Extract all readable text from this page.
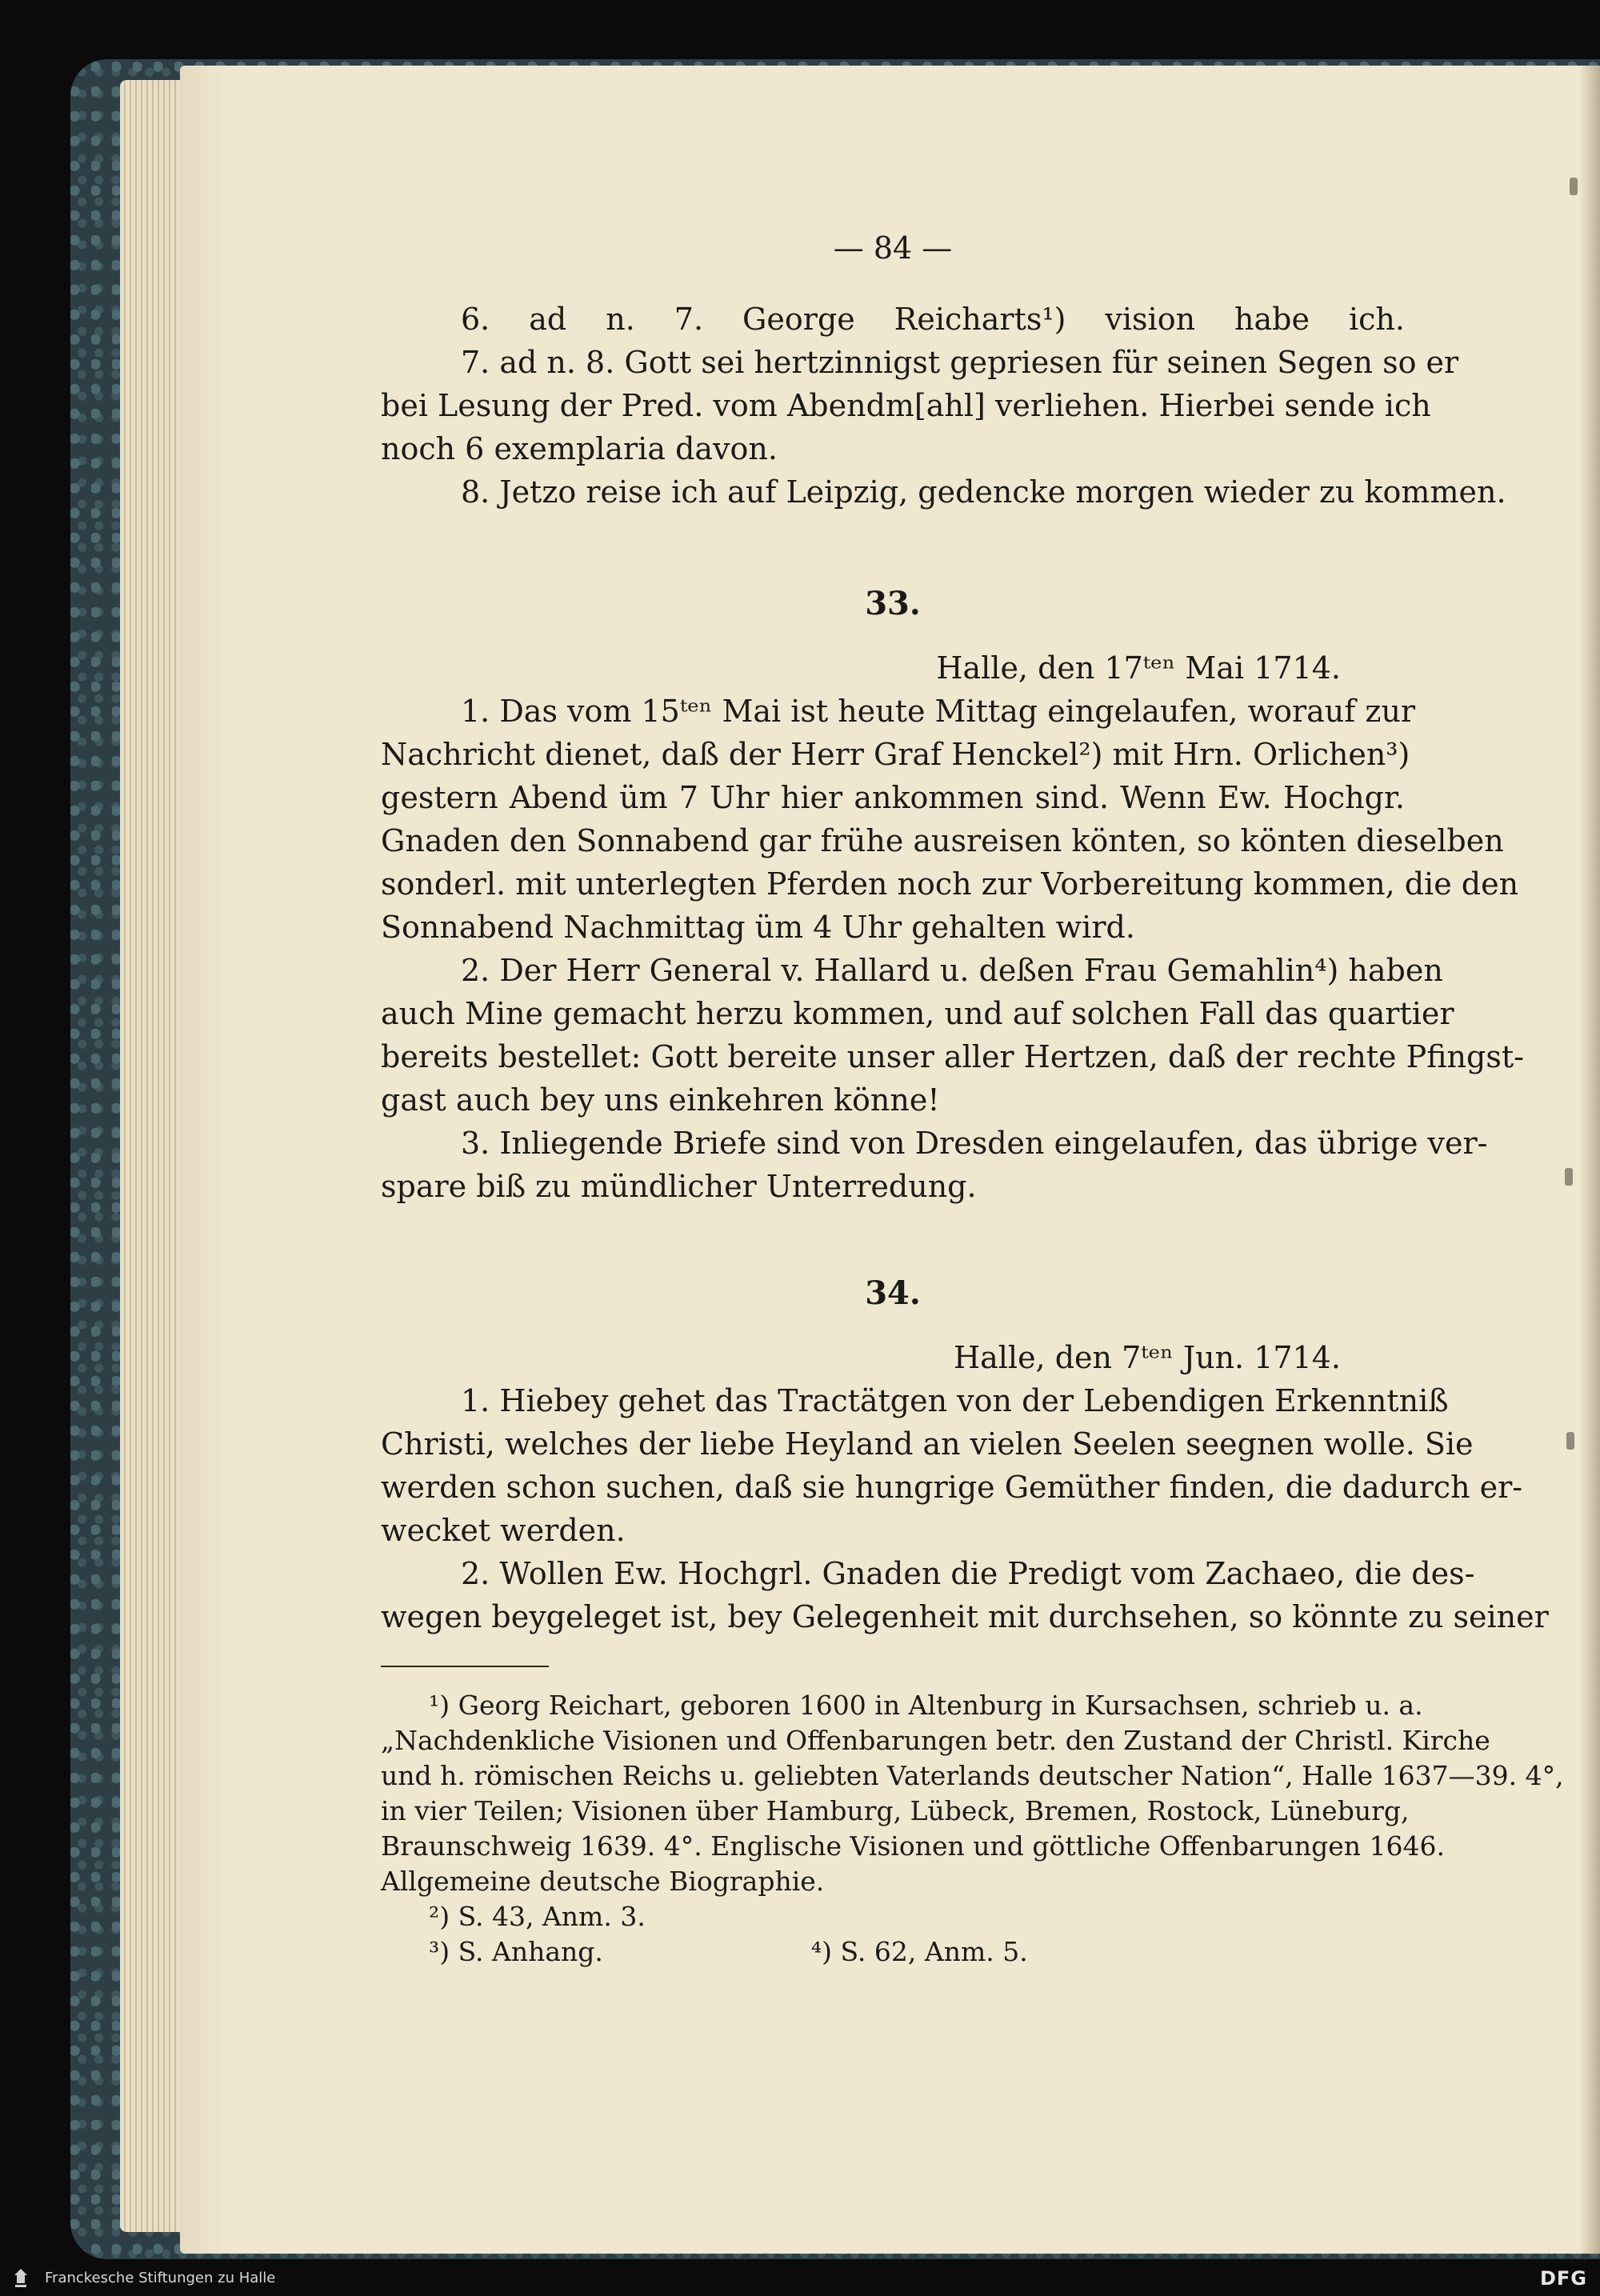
— 84 —
6. ad n. 7. George Reicharts¹) vision habe ich.
7. ad n. 8. Gott sei hertzinnigst gepriesen für seinen Segen so er
bei Lesung der Pred. vom Abendm[ahl] verliehen. Hierbei sende ich
noch 6 exemplaria davon.
8. Jetzo reise ich auf Leipzig, gedencke morgen wieder zu kommen.
33.
Halle, den 17ᵗᵉⁿ Mai 1714.
1. Das vom 15ᵗᵉⁿ Mai ist heute Mittag eingelaufen, worauf zur
Nachricht dienet, daß der Herr Graf Henckel²) mit Hrn. Orlichen³)
gestern Abend üm 7 Uhr hier ankommen sind. Wenn Ew. Hochgr.
Gnaden den Sonnabend gar frühe ausreisen könten, so könten dieselben
sonderl. mit unterlegten Pferden noch zur Vorbereitung kommen, die den
Sonnabend Nachmittag üm 4 Uhr gehalten wird.
2. Der Herr General v. Hallard u. deßen Frau Gemahlin⁴) haben
auch Mine gemacht herzu kommen, und auf solchen Fall das quartier
bereits bestellet: Gott bereite unser aller Hertzen, daß der rechte Pfingst-
gast auch bey uns einkehren könne!
3. Inliegende Briefe sind von Dresden eingelaufen, das übrige ver-
spare biß zu mündlicher Unterredung.
34.
Halle, den 7ᵗᵉⁿ Jun. 1714.
1. Hiebey gehet das Tractätgen von der Lebendigen Erkenntniß
Christi, welches der liebe Heyland an vielen Seelen seegnen wolle. Sie
werden schon suchen, daß sie hungrige Gemüther finden, die dadurch er-
wecket werden.
2. Wollen Ew. Hochgrl. Gnaden die Predigt vom Zachaeo, die des-
wegen beygeleget ist, bey Gelegenheit mit durchsehen, so könnte zu seiner
¹) Georg Reichart, geboren 1600 in Altenburg in Kursachsen, schrieb u. a.
„Nachdenkliche Visionen und Offenbarungen betr. den Zustand der Christl. Kirche
und h. römischen Reichs u. geliebten Vaterlands deutscher Nation“, Halle 1637—39. 4°,
in vier Teilen; Visionen über Hamburg, Lübeck, Bremen, Rostock, Lüneburg,
Braunschweig 1639. 4°. Englische Visionen und göttliche Offenbarungen 1646.
Allgemeine deutsche Biographie.
²) S. 43, Anm. 3.
³) S. Anhang.	⁴) S. 62, Anm. 5.
Franckesche Stiftungen zu Halle	DFG
